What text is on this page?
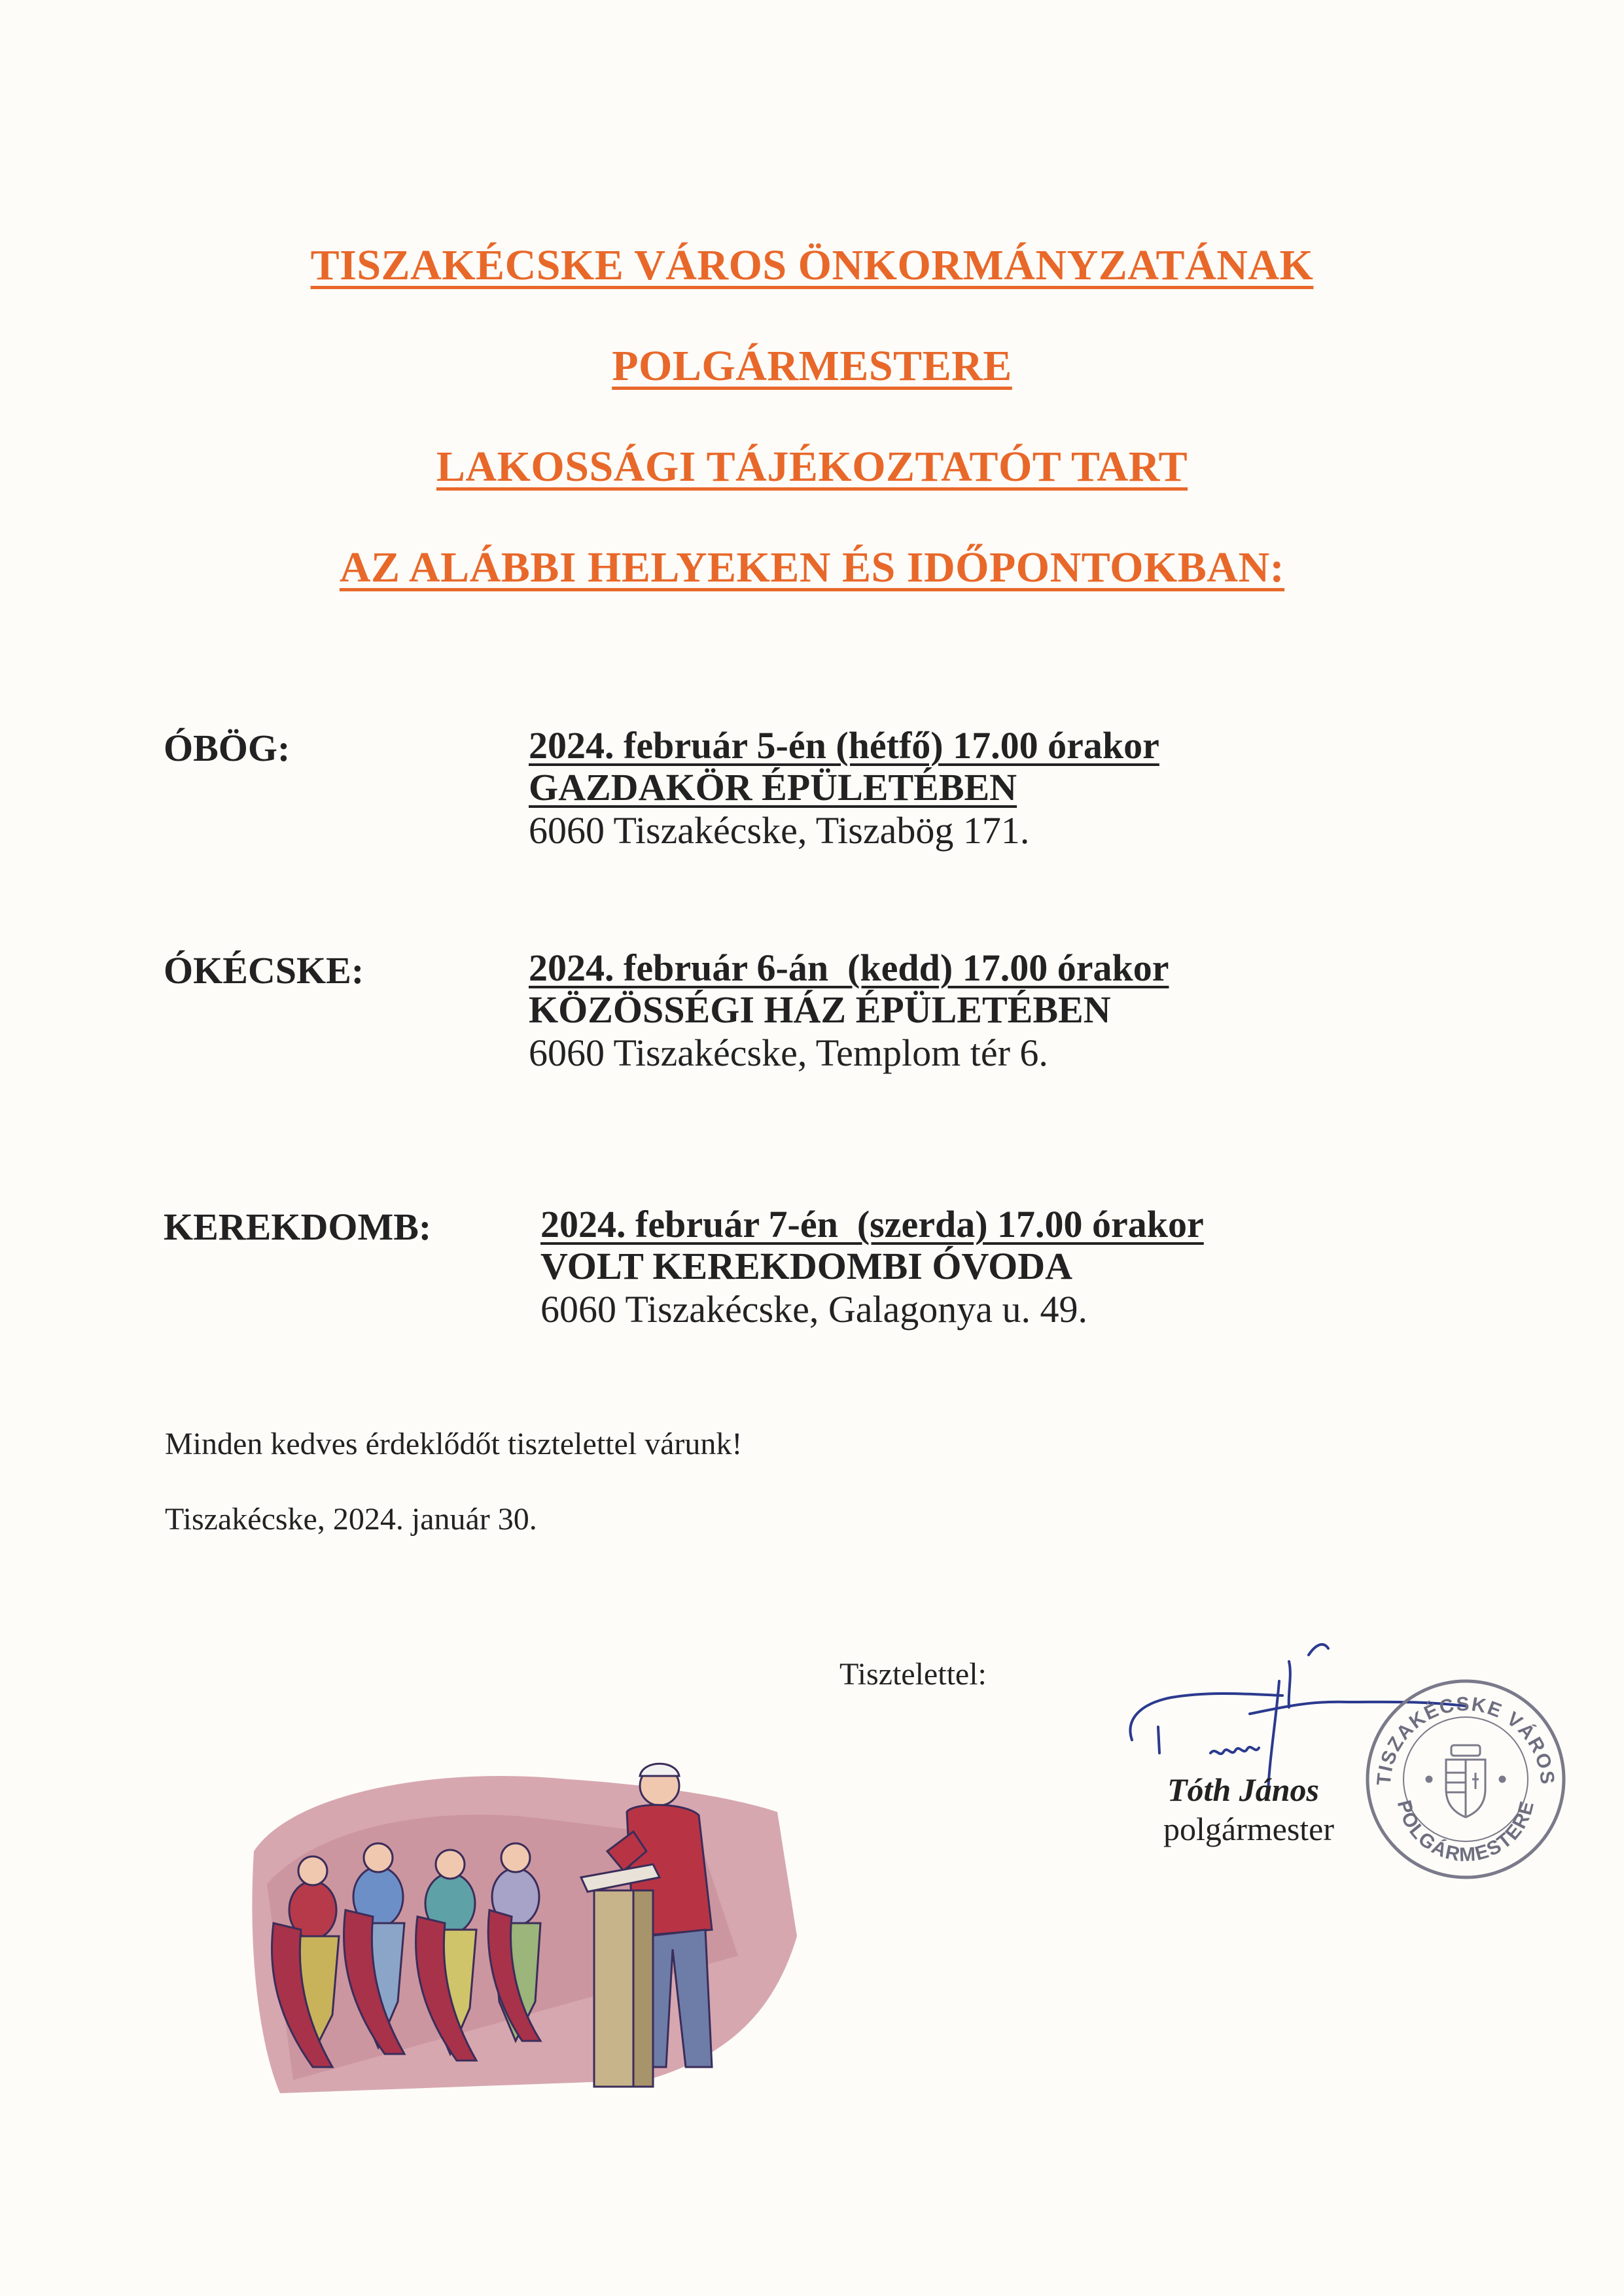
TISZAKÉCSKE VÁROS ÖNKORMÁNYZATÁNAK
POLGÁRMESTERE
LAKOSSÁGI TÁJÉKOZTATÓT TART
AZ ALÁBBI HELYEKEN ÉS IDŐPONTOKBAN:
ÓBÖG:	2024. február 5-én (hétfő) 17.00 órakor
GAZDAKÖR ÉPÜLETÉBEN
6060 Tiszakécske, Tiszabög 171.
ÓKÉCSKE:	2024. február 6-án  (kedd) 17.00 órakor
KÖZÖSSÉGI HÁZ ÉPÜLETÉBEN
6060 Tiszakécske, Templom tér 6.
KEREKDOMB:	2024. február 7-én  (szerda) 17.00 órakor
VOLT KEREKDOMBI ÓVODA
6060 Tiszakécske, Galagonya u. 49.
Minden kedves érdeklődőt tisztelettel várunk!
Tiszakécske, 2024. január 30.
Tisztelettel:
Tóth János
polgármester
TISZAKÉCSKE VÁROS
POLGÁRMESTERE
